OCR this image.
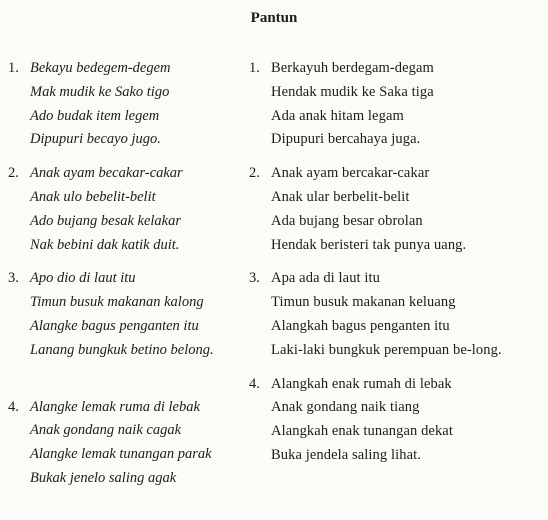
Pantun
1. Bekayu bedegem-degem
Mak mudik ke Sako tigo
Ado budak item legem
Dipupuri becayo jugo.
2. Anak ayam becakar-cakar
Anak ulo bebelit-belit
Ado bujang besak kelakar
Nak bebini dak katik duit.
3. Apo dio di laut itu
Timun busuk makanan kalong
Alangke bagus penganten itu
Lanang bungkuk betino belong.
4. Alangke lemak ruma di lebak
Anak gondang naik cagak
Alangke lemak tunangan parak
Bukak jenelo saling agak
1. Berkayuh berdegam-degam
Hendak mudik ke Saka tiga
Ada anak hitam legam
Dipupuri bercahaya juga.
2. Anak ayam bercakar-cakar
Anak ular berbelit-belit
Ada bujang besar obrolan
Hendak beristeri tak punya uang.
3. Apa ada di laut itu
Timun busuk makanan keluang
Alangkah bagus penganten itu
Laki-laki bungkuk perempuan be-long.
4. Alangkah enak rumah di lebak
Anak gondang naik tiang
Alangkah enak tunangan dekat
Buka jendela saling lihat.
